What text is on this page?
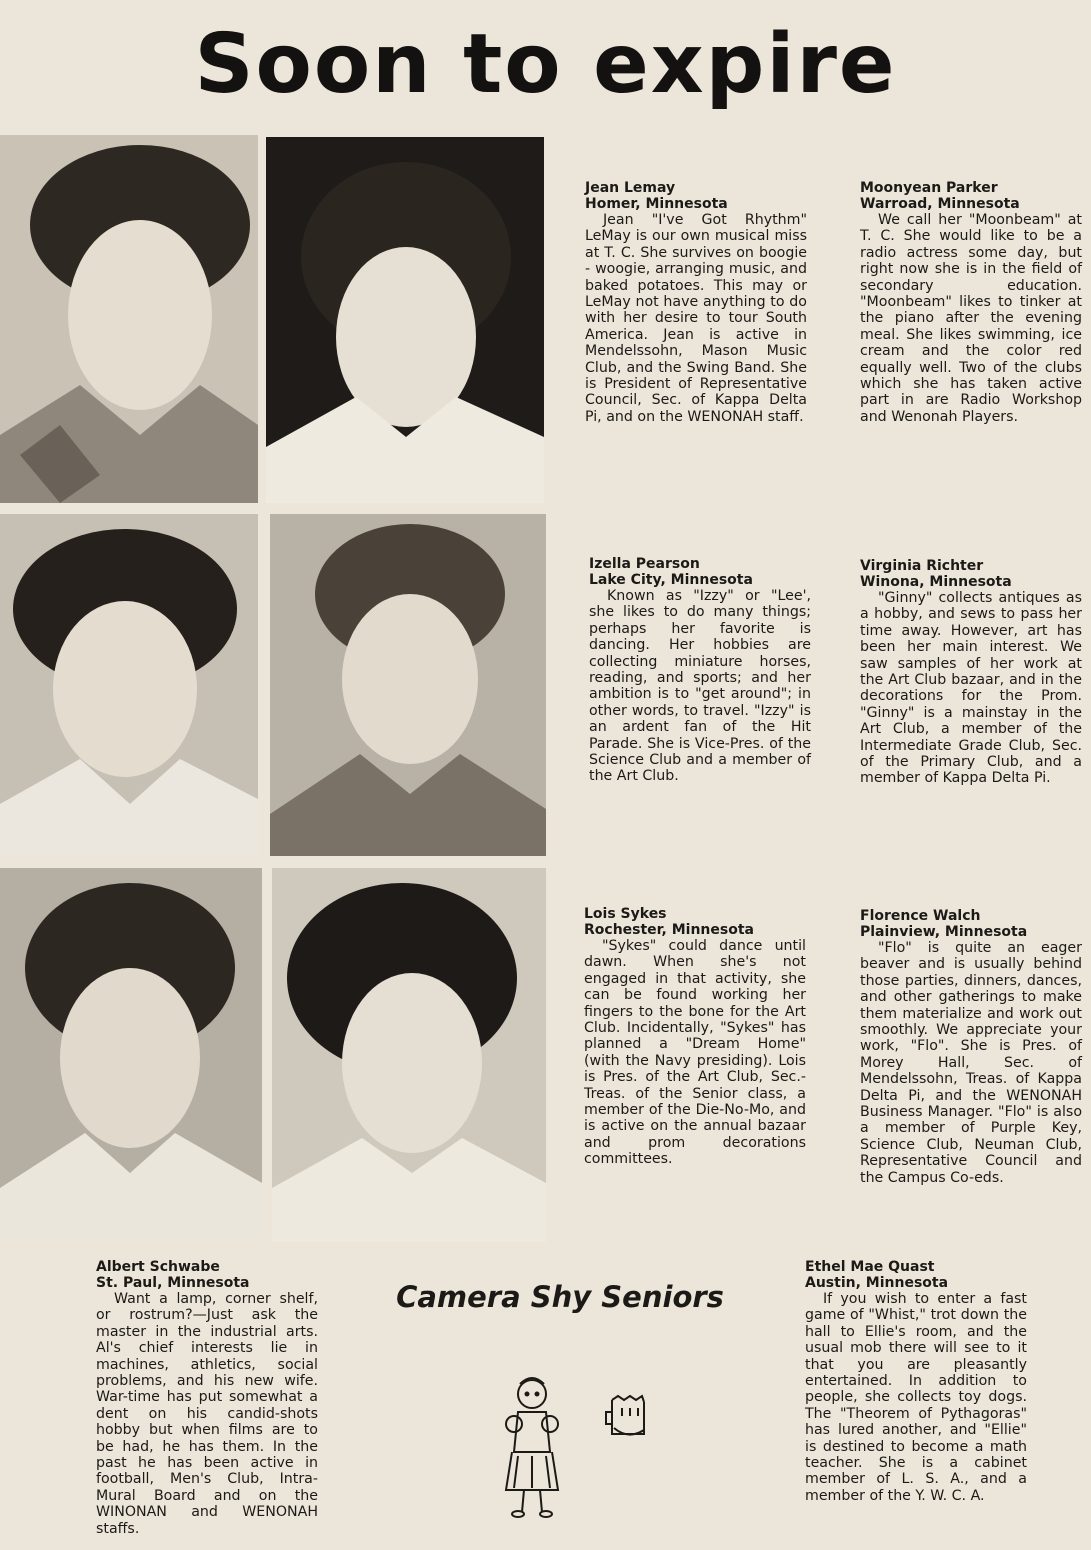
Soon to expire
Jean Lemay
Homer, Minnesota
Jean "I've Got Rhythm" LeMay is our own musical miss at T. C. She survives on boogie - woogie, arranging music, and baked potatoes. This may or LeMay not have anything to do with her desire to tour South America. Jean is active in Mendelssohn, Mason Music Club, and the Swing Band. She is President of Representative Council, Sec. of Kappa Delta Pi, and on the WENONAH staff.
Moonyean Parker
Warroad, Minnesota
We call her "Moonbeam" at T. C. She would like to be a radio actress some day, but right now she is in the field of secondary education. "Moonbeam" likes to tinker at the piano after the evening meal. She likes swimming, ice cream and the color red equally well. Two of the clubs which she has taken active part in are Radio Workshop and Wenonah Players.
Izella Pearson
Lake City, Minnesota
Known as "Izzy" or "Lee', she likes to do many things; perhaps her favorite is dancing. Her hobbies are collecting miniature horses, reading, and sports; and her ambition is to "get around"; in other words, to travel. "Izzy" is an ardent fan of the Hit Parade. She is Vice-Pres. of the Science Club and a member of the Art Club.
Virginia Richter
Winona, Minnesota
"Ginny" collects antiques as a hobby, and sews to pass her time away. However, art has been her main interest. We saw samples of her work at the Art Club bazaar, and in the decorations for the Prom. "Ginny" is a mainstay in the Art Club, a member of the Intermediate Grade Club, Sec. of the Primary Club, and a member of Kappa Delta Pi.
Lois Sykes
Rochester, Minnesota
"Sykes" could dance until dawn. When she's not engaged in that activity, she can be found working her fingers to the bone for the Art Club. Incidentally, "Sykes" has planned a "Dream Home" (with the Navy presiding). Lois is Pres. of the Art Club, Sec.-Treas. of the Senior class, a member of the Die-No-Mo, and is active on the annual bazaar and prom decorations committees.
Florence Walch
Plainview, Minnesota
"Flo" is quite an eager beaver and is usually behind those parties, dinners, dances, and other gatherings to make them materialize and work out smoothly. We appreciate your work, "Flo". She is Pres. of Morey Hall, Sec. of Mendelssohn, Treas. of Kappa Delta Pi, and the WENONAH Business Manager. "Flo" is also a member of Purple Key, Science Club, Neuman Club, Representative Council and the Campus Co-eds.
Albert Schwabe
St. Paul, Minnesota
Want a lamp, corner shelf, or rostrum?—Just ask the master in the industrial arts. Al's chief interests lie in machines, athletics, social problems, and his new wife. War-time has put somewhat a dent on his candid-shots hobby but when films are to be had, he has them. In the past he has been active in football, Men's Club, Intra-Mural Board and on the WINONAN and WENONAH staffs.
Ethel Mae Quast
Austin, Minnesota
If you wish to enter a fast game of "Whist," trot down the hall to Ellie's room, and the usual mob there will see to it that you are pleasantly entertained. In addition to people, she collects toy dogs. The "Theorem of Pythagoras" has lured another, and "Ellie" is destined to become a math teacher. She is a cabinet member of L. S. A., and a member of the Y. W. C. A.
Camera Shy Seniors
